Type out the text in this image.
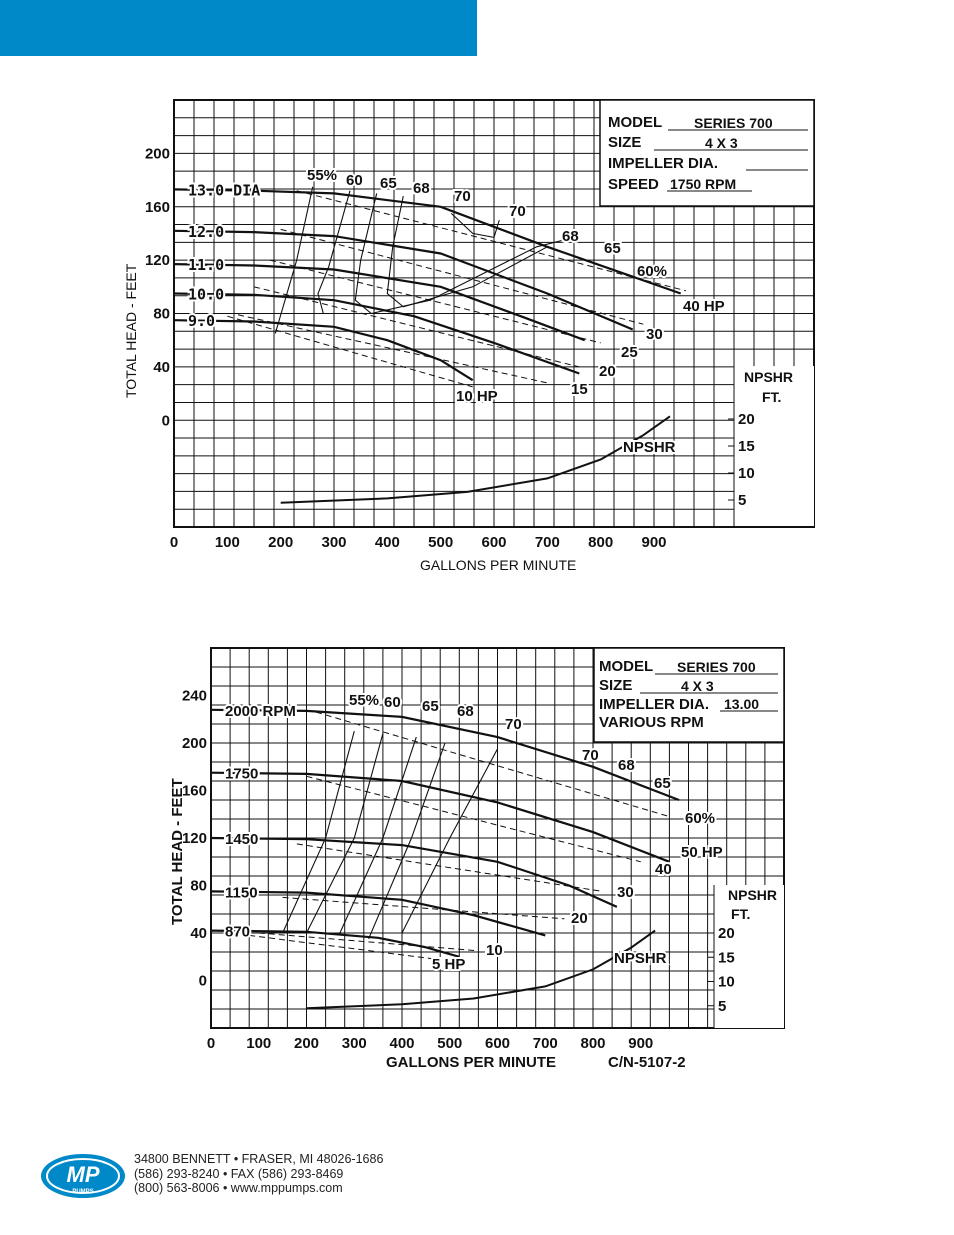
MODEL SERIES 700
SIZE	4 X 3
IMPELLER DIA.
SPEED 1750 RPM
NPSHR
FT.
20
15
10
5
200
160
120
80
40
0
0 100 200 300 400 500 600 700 800 900
TOTAL HEAD - FEET
GALLONS PER MINUTE
13.0 DIA
12.0
11.0
10.0
9.0
NPSHR
55% 60 65 68 70
70
68
65
60%
40 HP
30
25
20
15
10 HP
MODEL SERIES 700
SIZE	4 X 3
IMPELLER DIA. 13.00
VARIOUS RPM
NPSHR
FT.
20
15
10
5
240
200
160
120
80
40
0
0 100 200 300 400 500 600 700 800 900
TOTAL HEAD - FEET
GALLONS PER MINUTE	C/N-5107-2
2000 RPM
1750
1450
1150
870
NPSHR
55% 60 65 68
70
70
68
65
60%
50 HP
40
30
20
10
5 HP
MP
PUMPS
34800 BENNETT • FRASER, MI 48026-1686
(586) 293-8240 • FAX (586) 293-8469
(800) 563-8006 • www.mppumps.com
